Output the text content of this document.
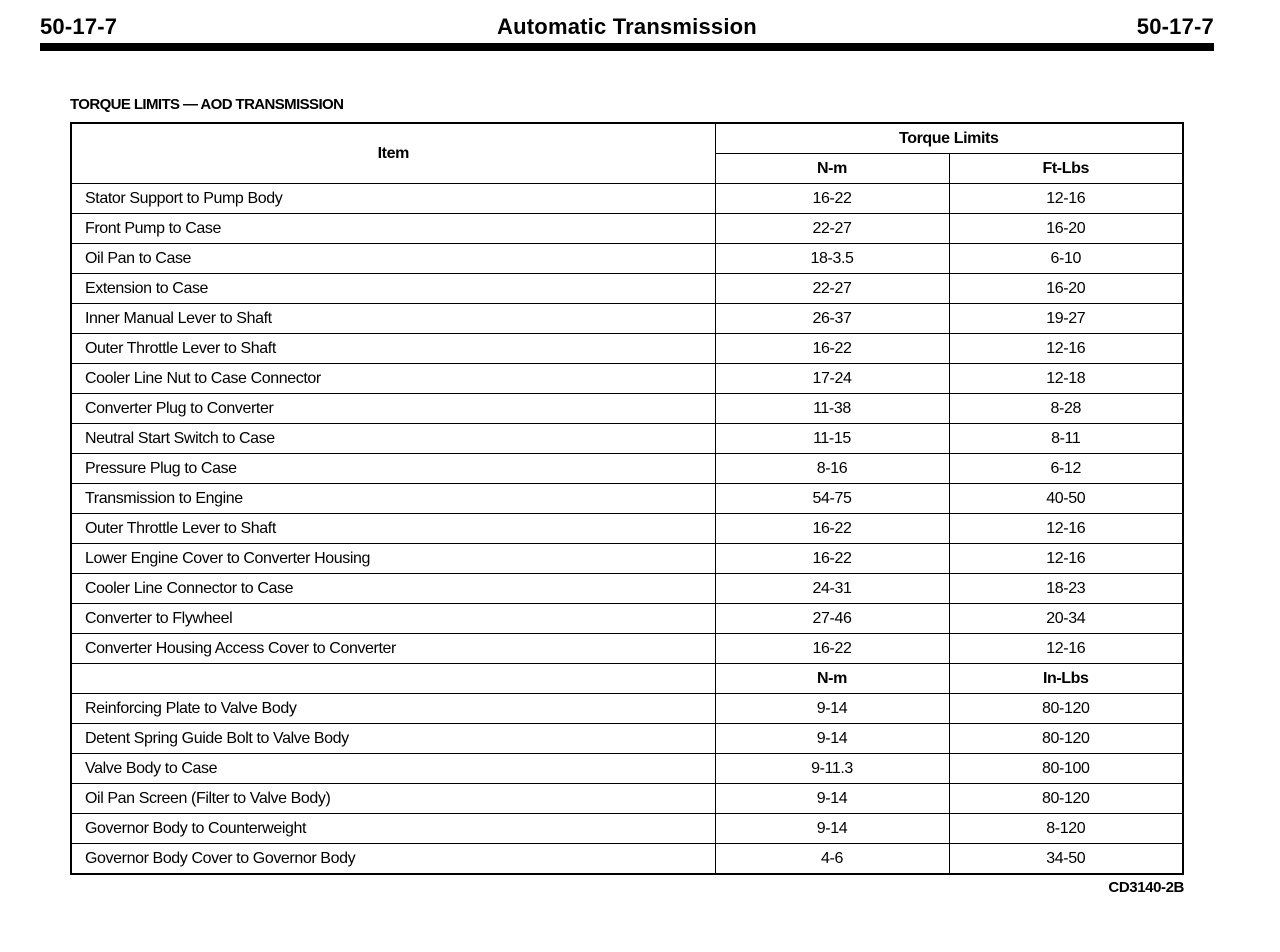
50-17-7	Automatic Transmission	50-17-7
TORQUE LIMITS — AOD TRANSMISSION
Item	Torque Limits	
	N-m	Ft-Lbs
Stator Support to Pump Body	16-22	12-16
Front Pump to Case	22-27	16-20
Oil Pan to Case	18-3.5	6-10
Extension to Case	22-27	16-20
Inner Manual Lever to Shaft	26-37	19-27
Outer Throttle Lever to Shaft	16-22	12-16
Cooler Line Nut to Case Connector	17-24	12-18
Converter Plug to Converter	11-38	8-28
Neutral Start Switch to Case	11-15	8-11
Pressure Plug to Case	8-16	6-12
Transmission to Engine	54-75	40-50
Outer Throttle Lever to Shaft	16-22	12-16
Lower Engine Cover to Converter Housing	16-22	12-16
Cooler Line Connector to Case	24-31	18-23
Converter to Flywheel	27-46	20-34
Converter Housing Access Cover to Converter	16-22	12-16
	N-m	In-Lbs
Reinforcing Plate to Valve Body	9-14	80-120
Detent Spring Guide Bolt to Valve Body	9-14	80-120
Valve Body to Case	9-11.3	80-100
Oil Pan Screen (Filter to Valve Body)	9-14	80-120
Governor Body to Counterweight	9-14	8-120
Governor Body Cover to Governor Body	4-6	34-50
CD3140-2B
